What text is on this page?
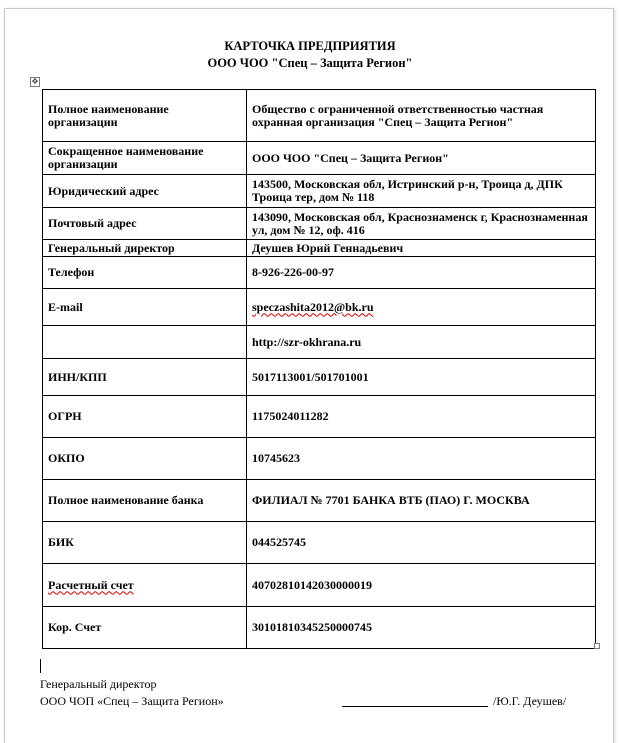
КАРТОЧКА ПРЕДПРИЯТИЯ
ООО ЧОО "Спец – Защита Регион"
✥
Полное наименование организации	Общество с ограниченной ответственностью частная охранная организация "Спец – Защита Регион"
Сокращенное наименование организации	ООО ЧОО "Спец – Защита Регион"
Юридический адрес	143500, Московская обл, Истринский р-н, Троица д, ДПК Троица тер, дом № 118
Почтовый адрес	143090, Московская обл, Краснознаменск г, Краснознаменная ул, дом № 12, оф. 416
Генеральный директор	Деушев Юрий Геннадьевич
Телефон	8-926-226-00-97
E-mail	speczashita2012@bk.ru
	http://szr-okhrana.ru
ИНН/КПП	5017113001/501701001
ОГРН	1175024011282
ОКПО	10745623
Полное наименование банка	ФИЛИАЛ № 7701 БАНКА ВТБ (ПАО) Г. МОСКВА
БИК	044525745
Расчетный счет	40702810142030000019
Кор. Счет	30101810345250000745
Генеральный директор
ООО ЧОП «Спец – Защита Регион»	/Ю.Г. Деушев/
